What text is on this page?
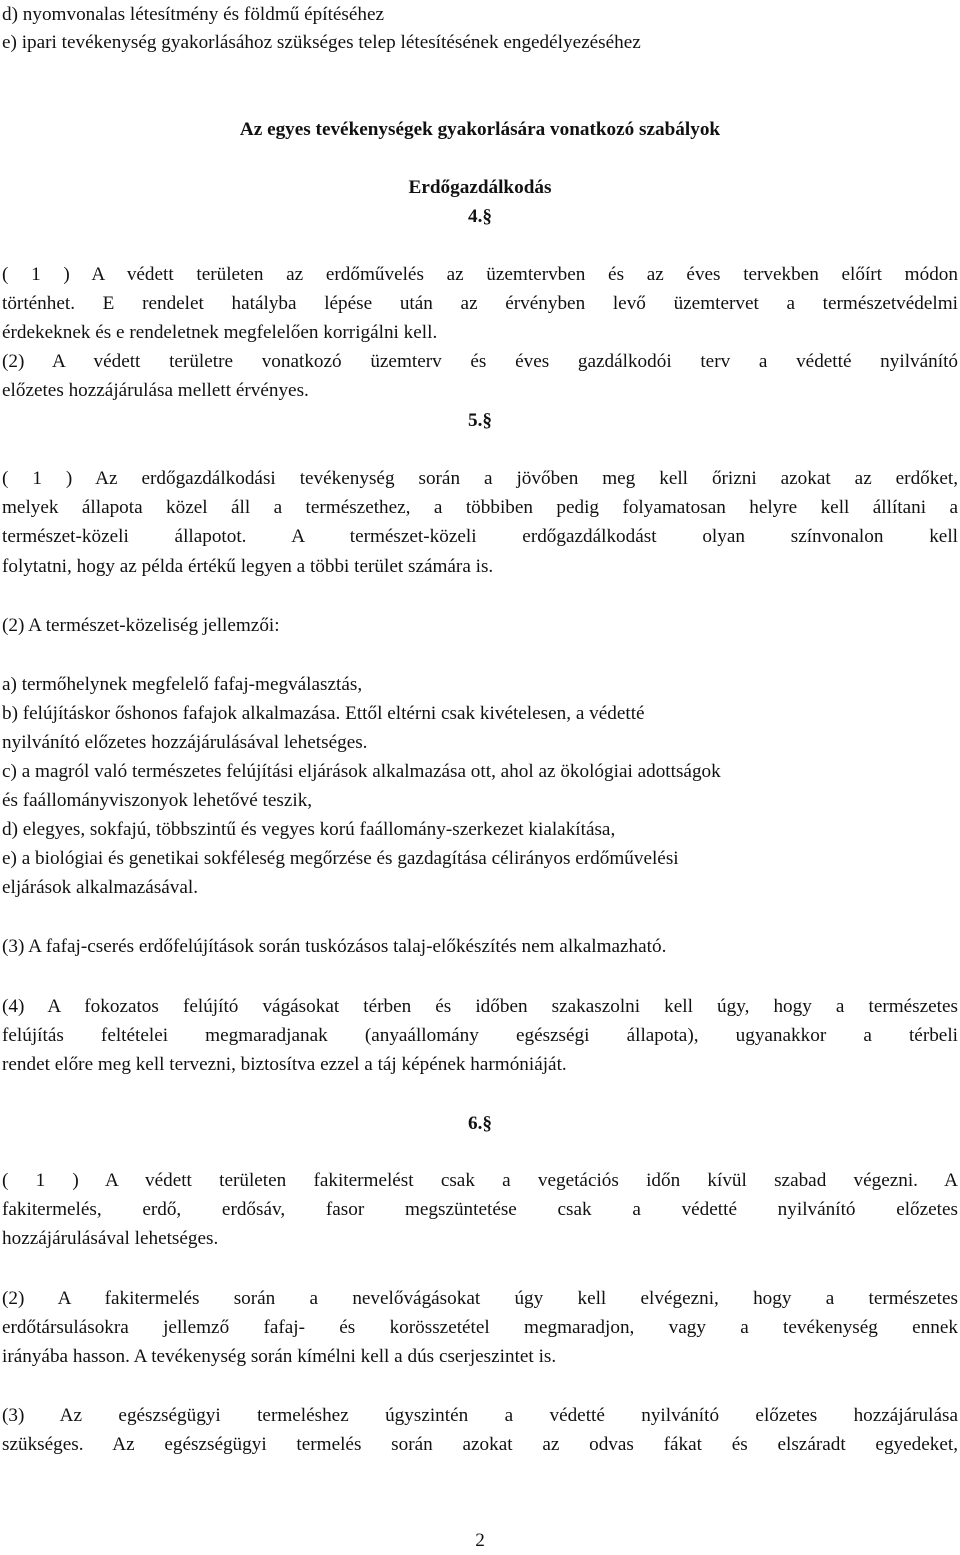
d) nyomvonalas létesítmény és földmű építéséhez
e) ipari tevékenység gyakorlásához szükséges telep létesítésének engedélyezéséhez
Az egyes tevékenységek gyakorlására vonatkozó szabályok
Erdőgazdálkodás
4.§
( 1 ) A védett területen az erdőművelés az üzemtervben és az éves tervekben előírt módon
történhet. E rendelet hatályba lépése után az érvényben levő üzemtervet a természetvédelmi
érdekeknek és e rendeletnek megfelelően korrigálni kell.
(2) A védett területre vonatkozó üzemterv és éves gazdálkodói terv a védetté nyilvánító
előzetes hozzájárulása mellett érvényes.
5.§
( 1 ) Az erdőgazdálkodási tevékenység során a jövőben meg kell őrizni azokat az erdőket,
melyek állapota közel áll a természethez, a többiben pedig folyamatosan helyre kell állítani a
természet-közeli állapotot. A természet-közeli erdőgazdálkodást olyan színvonalon kell
folytatni, hogy az példa értékű legyen a többi terület számára is.
(2) A természet-közeliség jellemzői:
a) termőhelynek megfelelő fafaj-megválasztás,
b) felújításkor őshonos fafajok alkalmazása. Ettől eltérni csak kivételesen, a védetté
nyilvánító előzetes hozzájárulásával lehetséges.
c) a magról való természetes felújítási eljárások alkalmazása ott, ahol az ökológiai adottságok
és faállományviszonyok lehetővé teszik,
d) elegyes, sokfajú, többszintű és vegyes korú faállomány-szerkezet kialakítása,
e) a biológiai és genetikai sokféleség megőrzése és gazdagítása célirányos erdőművelési
eljárások alkalmazásával.
(3) A fafaj-cserés erdőfelújítások során tuskózásos talaj-előkészítés nem alkalmazható.
(4) A fokozatos felújító vágásokat térben és időben szakaszolni kell úgy, hogy a természetes
felújítás feltételei megmaradjanak (anyaállomány egészségi állapota), ugyanakkor a térbeli
rendet előre meg kell tervezni, biztosítva ezzel a táj képének harmóniáját.
6.§
( 1 ) A védett területen fakitermelést csak a vegetációs időn kívül szabad végezni. A
fakitermelés, erdő, erdősáv, fasor megszüntetése csak a védetté nyilvánító előzetes
hozzájárulásával lehetséges.
(2) A fakitermelés során a nevelővágásokat úgy kell elvégezni, hogy a természetes
erdőtársulásokra jellemző fafaj- és korösszetétel megmaradjon, vagy a tevékenység ennek
irányába hasson. A tevékenység során kímélni kell a dús cserjeszintet is.
(3) Az egészségügyi termeléshez úgyszintén a védetté nyilvánító előzetes hozzájárulása
szükséges. Az egészségügyi termelés során azokat az odvas fákat és elszáradt egyedeket,
2
